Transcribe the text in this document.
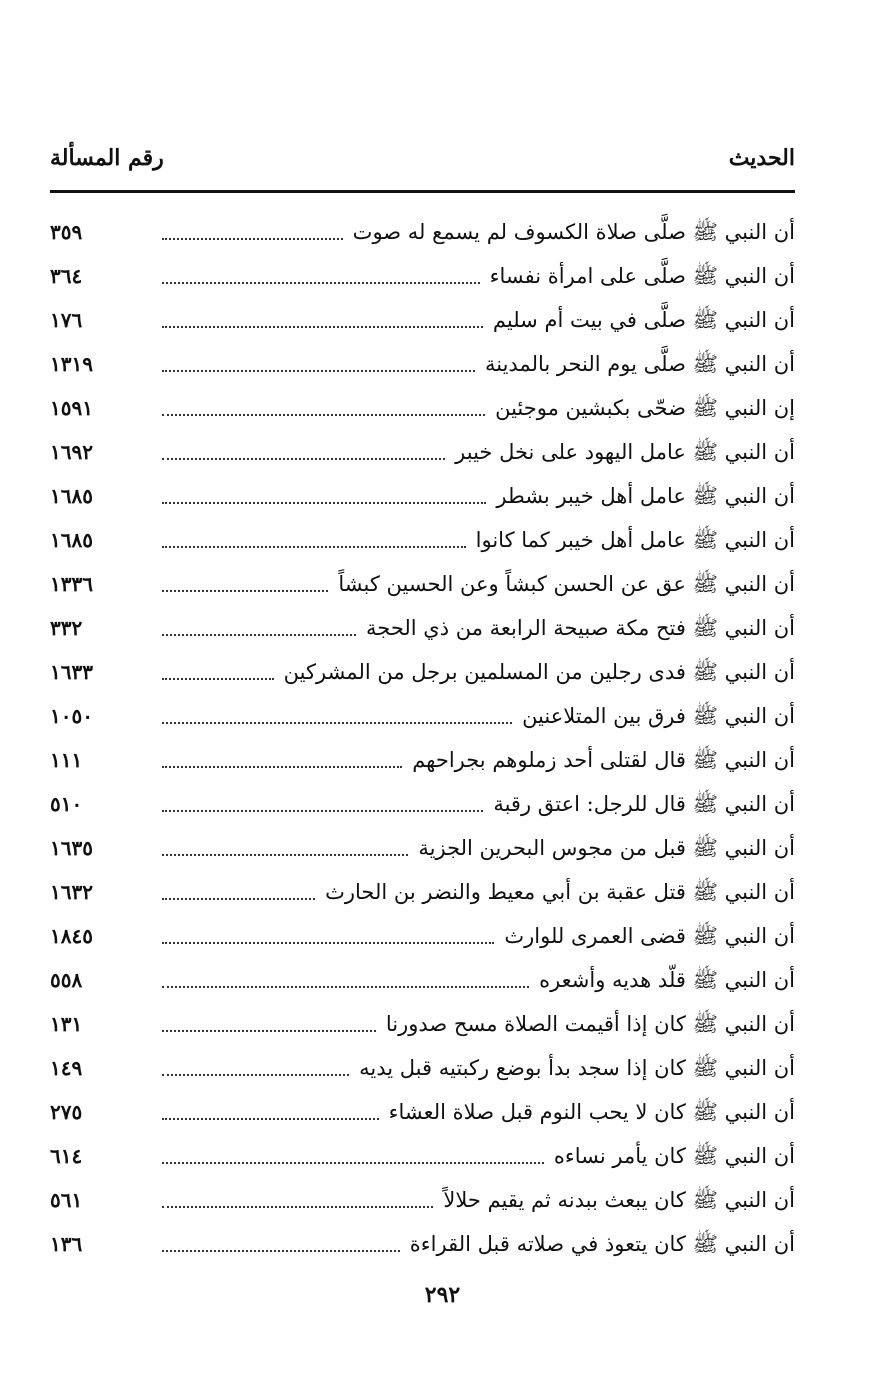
الحديث
رقم المسألة
أن النبي ﷺ صلَّى صلاة الكسوف لم يسمع له صوت
٣٥٩
أن النبي ﷺ صلَّى على امرأة نفساء
٣٦٤
أن النبي ﷺ صلَّى في بيت أم سليم
١٧٦
أن النبي ﷺ صلَّى يوم النحر بالمدينة
١٣١٩
إن النبي ﷺ ضحّى بكبشين موجئين
١٥٩١
أن النبي ﷺ عامل اليهود على نخل خيبر
١٦٩٢
أن النبي ﷺ عامل أهل خيبر بشطر
١٦٨٥
أن النبي ﷺ عامل أهل خيبر كما كانوا
١٦٨٥
أن النبي ﷺ عق عن الحسن كبشاً وعن الحسين كبشاً
١٣٣٦
أن النبي ﷺ فتح مكة صبيحة الرابعة من ذي الحجة
٣٣٢
أن النبي ﷺ فدى رجلين من المسلمين برجل من المشركين
١٦٣٣
أن النبي ﷺ فرق بين المتلاعنين
١٠٥٠
أن النبي ﷺ قال لقتلى أحد زملوهم بجراحهم
١١١
أن النبي ﷺ قال للرجل: اعتق رقبة
٥١٠
أن النبي ﷺ قبل من مجوس البحرين الجزية
١٦٣٥
أن النبي ﷺ قتل عقبة بن أبي معيط والنضر بن الحارث
١٦٣٢
أن النبي ﷺ قضى العمرى للوارث
١٨٤٥
أن النبي ﷺ قلّد هديه وأشعره
٥٥٨
أن النبي ﷺ كان إذا أقيمت الصلاة مسح صدورنا
١٣١
أن النبي ﷺ كان إذا سجد بدأ بوضع ركبتيه قبل يديه
١٤٩
أن النبي ﷺ كان لا يحب النوم قبل صلاة العشاء
٢٧٥
أن النبي ﷺ كان يأمر نساءه
٦١٤
أن النبي ﷺ كان يبعث ببدنه ثم يقيم حلالاً
٥٦١
أن النبي ﷺ كان يتعوذ في صلاته قبل القراءة
١٣٦
٢٩٢
